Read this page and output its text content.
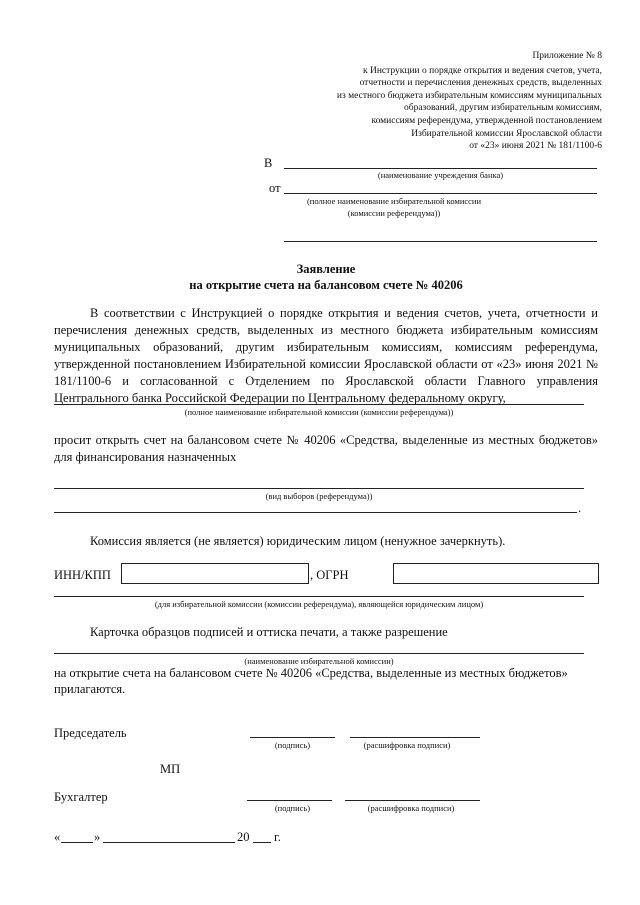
Приложение № 8
к Инструкции о порядке открытия и ведения счетов, учета,
отчетности и перечисления денежных средств, выделенных
из местного бюджета избирательным комиссиям муниципальных
образований, другим избирательным комиссиям,
комиссиям референдума, утвержденной постановлением
Избирательной комиссии Ярославской области
от «23» июня 2021 № 181/1100-6
В
(наименование учреждения банка)
от
(полное наименование избирательной комиссии
(комиссии референдума))
Заявление
на открытие счета на балансовом счете № 40206
В соответствии с Инструкцией о порядке открытия и ведения счетов, учета, отчетности и перечисления денежных средств, выделенных из местного бюджета избирательным комиссиям муниципальных образований, другим избирательным комиссиям, комиссиям референдума, утвержденной постановлением Избирательной комиссии Ярославской области от «23» июня 2021 № 181/1100-6 и согласованной с Отделением по Ярославской области Главного управления Центрального банка Российской Федерации по Центральному федеральному округу,
(полное наименование избирательной комиссии (комиссии референдума))
просит открыть счет на балансовом счете № 40206 «Средства, выделенные из местных бюджетов» для финансирования назначенных
(вид выборов (референдума))
.
Комиссия является (не является) юридическим лицом (ненужное зачеркнуть).
ИНН/КПП	, ОГРН
(для избирательной комиссии (комиссии референдума), являющейся юридическим лицом)
Карточка образцов подписей и оттиска печати, а также разрешение
(наименование избирательной комиссии)
на открытие счета на балансовом счете № 40206 «Средства, выделенные из местных бюджетов»
прилагаются.
Председатель
(подпись)	(расшифровка подписи)
МП
Бухгалтер
(подпись)	(расшифровка подписи)
«	»	20 г.
